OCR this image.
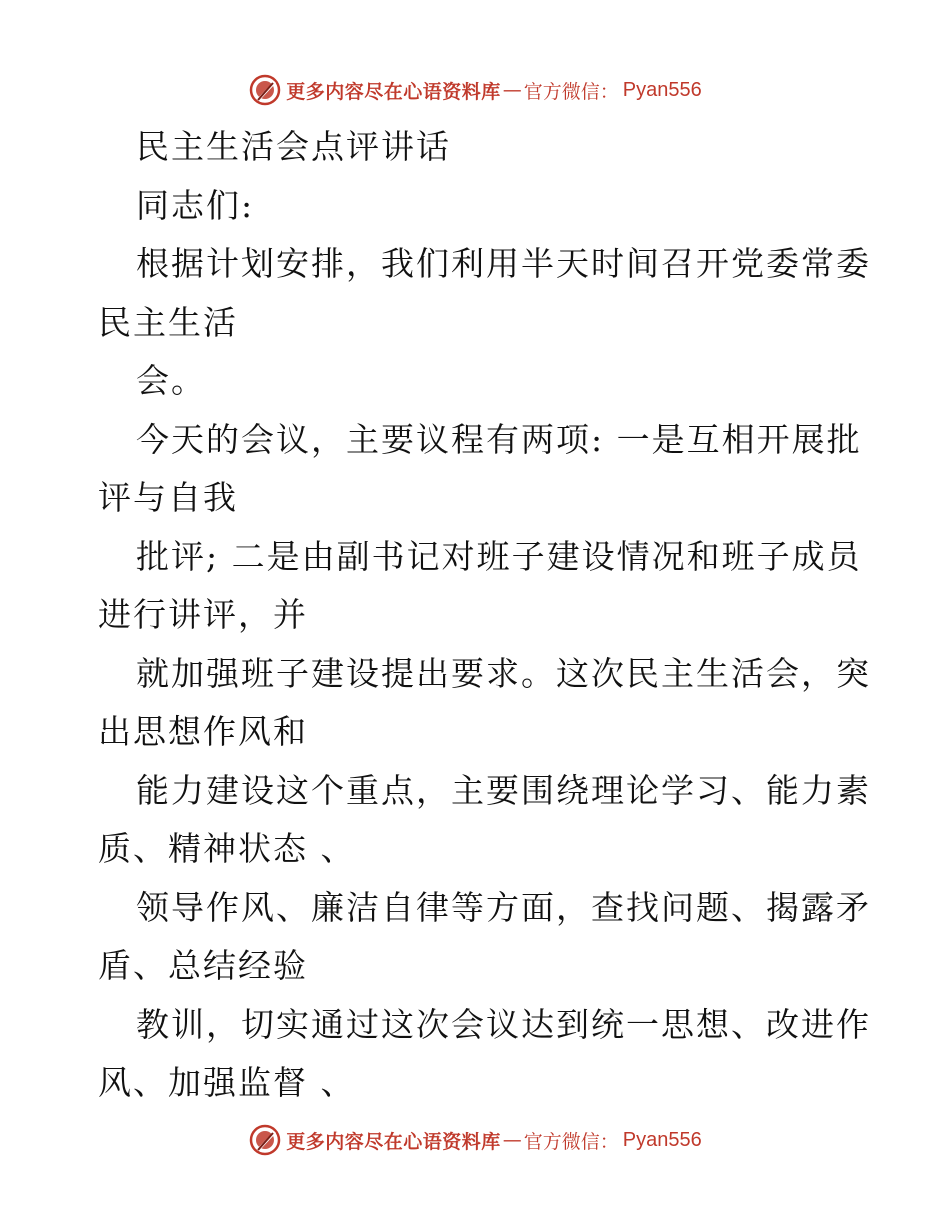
更多内容尽在心语资料库 — 官方微信： Pyan556
民主生活会点评讲话
同志们:
根据计划安排，我们利用半天时间召开党委常委
民主生活
会。
今天的会议，主要议程有两项: 一是互相开展批
评与自我
批评; 二是由副书记对班子建设情况和班子成员
进行讲评，并
就加强班子建设提出要求。这次民主生活会，突
出思想作风和
能力建设这个重点，主要围绕理论学习、能力素
质、精神状态 、
领导作风、廉洁自律等方面，查找问题、揭露矛
盾、总结经验
教训，切实通过这次会议达到统一思想、改进作
风、加强监督 、
更多内容尽在心语资料库 — 官方微信： Pyan556
